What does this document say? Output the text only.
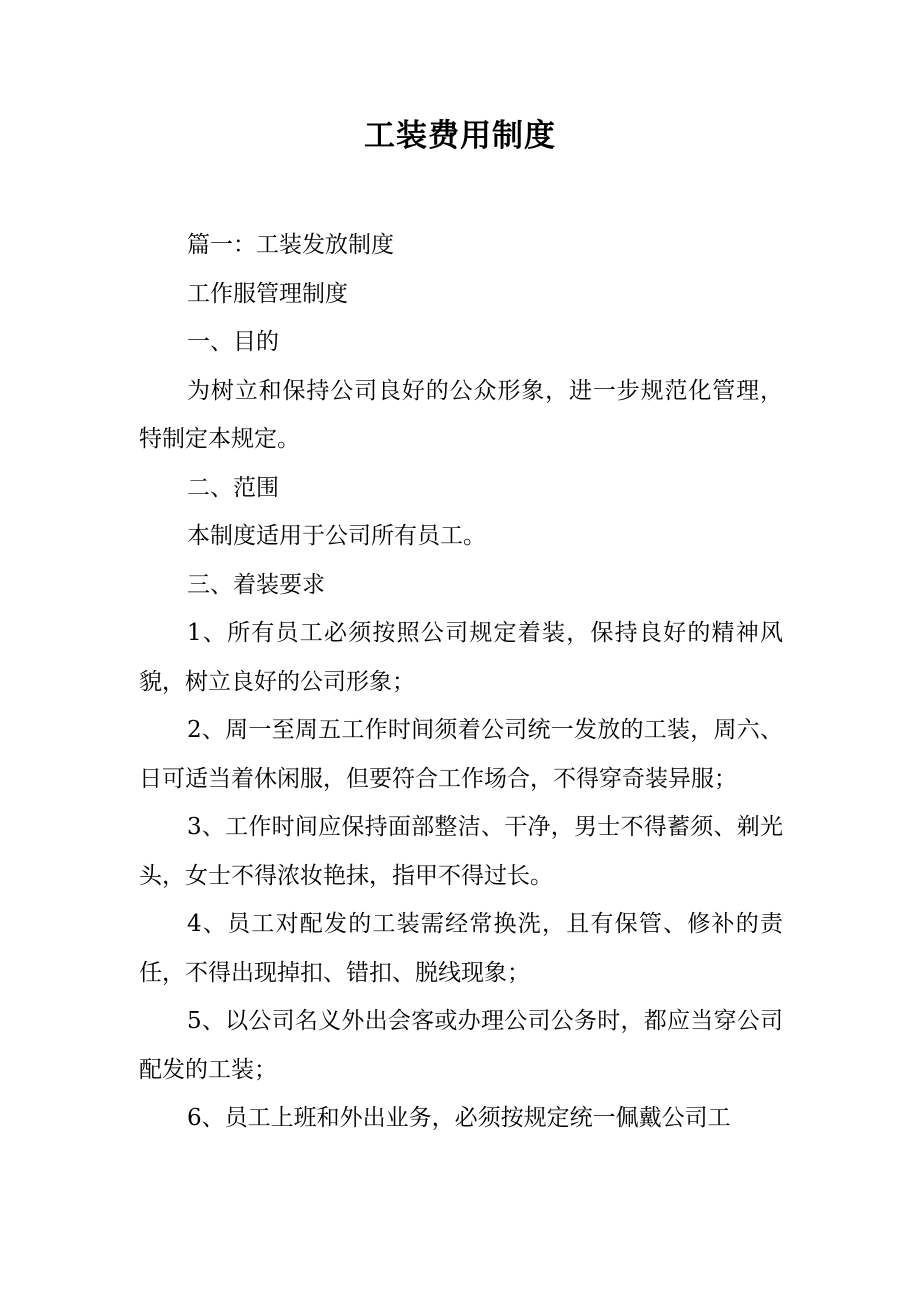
工装费用制度

篇一：工装发放制度

工作服管理制度

一、目的

为树立和保持公司良好的公众形象，进一步规范化管理，特制定本规定。

二、范围

本制度适用于公司所有员工。

三、着装要求

1、所有员工必须按照公司规定着装，保持良好的精神风貌，树立良好的公司形象；

2、周一至周五工作时间须着公司统一发放的工装，周六、日可适当着休闲服，但要符合工作场合，不得穿奇装异服；

3、工作时间应保持面部整洁、干净，男士不得蓄须、剃光头，女士不得浓妆艳抹，指甲不得过长。

4、员工对配发的工装需经常换洗，且有保管、修补的责任，不得出现掉扣、错扣、脱线现象；

5、以公司名义外出会客或办理公司公务时，都应当穿公司配发的工装；

6、员工上班和外出业务，必须按规定统一佩戴公司工
